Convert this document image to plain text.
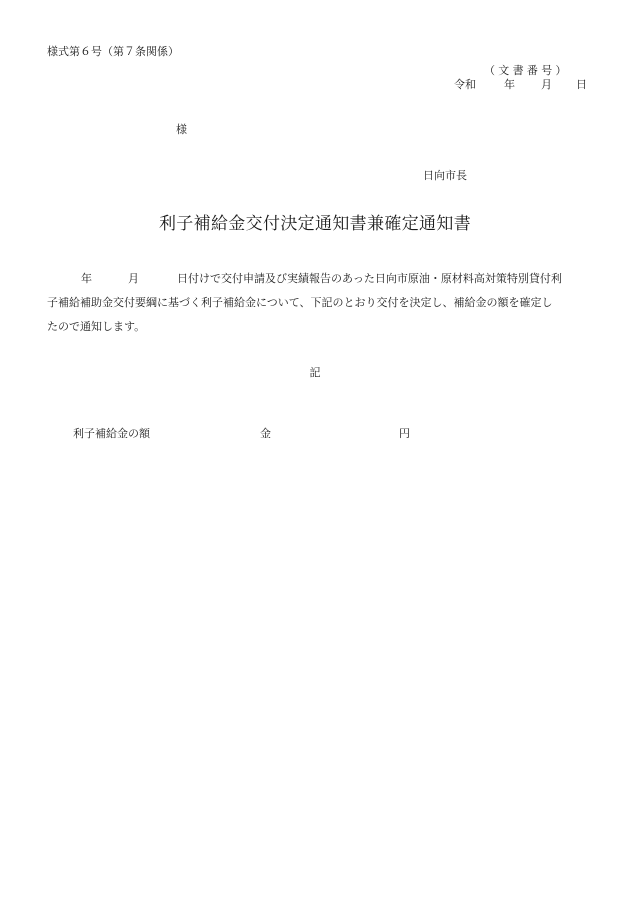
様式第６号（第７条関係）
（文書番号）
令和	年 月 日
様
日向市長
利子補給金交付決定通知書兼確定通知書
年	月	日付けで交付申請及び実績報告のあった日向市原油・原材料高対策特別貸付利
子補給補助金交付要綱に基づく利子補給金について、下記のとおり交付を決定し、補給金の額を確定し
たので通知します。
記
利子補給金の額	金	円
